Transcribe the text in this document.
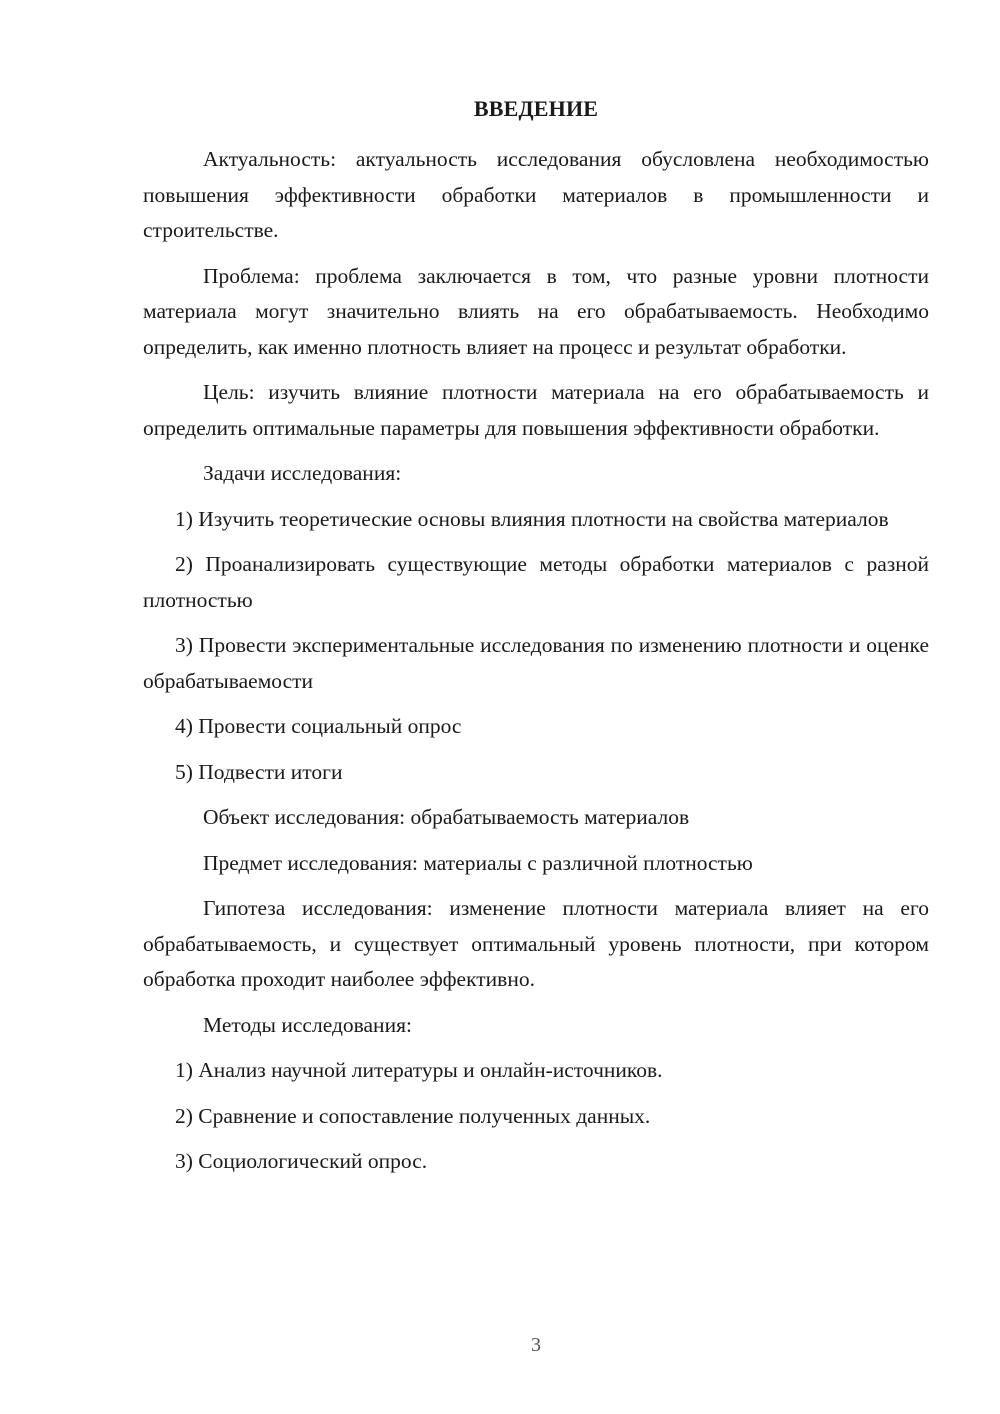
ВВЕДЕНИЕ

Актуальность: актуальность исследования обусловлена необходимостью повышения эффективности обработки материалов в промышленности и строительстве.

Проблема: проблема заключается в том, что разные уровни плотности материала могут значительно влиять на его обрабатываемость. Необходимо определить, как именно плотность влияет на процесс и результат обработки.

Цель: изучить влияние плотности материала на его обрабатываемость и определить оптимальные параметры для повышения эффективности обработки.

Задачи исследования:

1) Изучить теоретические основы влияния плотности на свойства материалов

2) Проанализировать существующие методы обработки материалов с разной плотностью

3) Провести экспериментальные исследования по изменению плотности и оценке обрабатываемости

4) Провести социальный опрос

5) Подвести итоги

Объект исследования: обрабатываемость материалов

Предмет исследования: материалы с различной плотностью

Гипотеза исследования: изменение плотности материала влияет на его обрабатываемость, и существует оптимальный уровень плотности, при котором обработка проходит наиболее эффективно.

Методы исследования:

1) Анализ научной литературы и онлайн-источников.

2) Сравнение и сопоставление полученных данных.

3) Социологический опрос.

3
